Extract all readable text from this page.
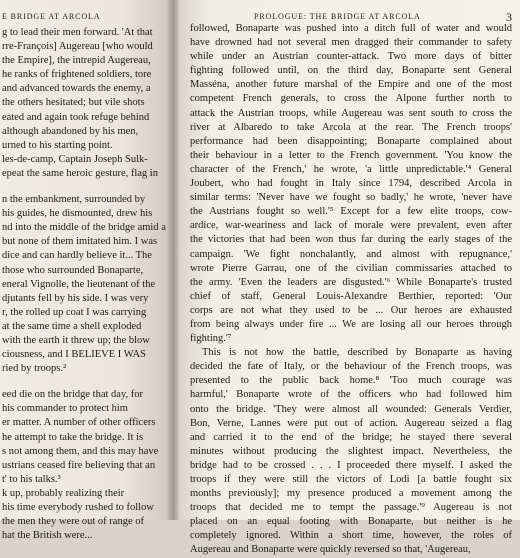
E BRIDGE AT ARCOLA
g to lead their men forward. 'At that
rre-François] Augereau [who would
the Empire], the intrepid Augereau,
he ranks of frightened soldiers, tore
and advanced towards the enemy, a
the others hesitated; but vile shots
eated and again took refuge behind
although abandoned by his men,
urned to his starting point.
les-de-camp, Captain Joseph Sulk-
epeat the same heroic gesture, flag in
n the embankment, surrounded by
his guides, he dismounted, drew his
nd into the middle of the bridge amid a
but none of them imitated him. I was
dice and can hardly believe it... The
those who surrounded Bonaparte,
eneral Vignolle, the lieutenant of the
djutants fell by his side. I was very
r, the rolled up coat I was carrying
at the same time a shell exploded
with the earth it threw up; the blow
ciousness, and I BELIEVE I WAS
ried by troops.²
eed die on the bridge that day, for
his commander to protect him
er matter. A number of other officers
he attempt to take the bridge. It is
s not among them, and this may have
ustrians ceased fire believing that an
t' to his talks.³
k up, probably realizing their
his time everybody rushed to follow
the men they were out of range of
hat the British were...
PROLOGUE: THE BRIDGE AT ARCOLA	3
followed, Bonaparte was pushed into a ditch full of water and would
have drowned had not several men dragged their commander to safety
while under an Austrian counter-attack. Two more days of bitter
fighting followed until, on the third day, Bonaparte sent General
Masséna, another future marshal of the Empire and one of the most
competent French generals, to cross the Alpone further north to
attack the Austrian troops, while Augereau was sent south to cross the
river at Albaredo to take Arcola at the rear. The French troops'
performance had been disappointing; Bonaparte complained about
their behaviour in a letter to the French government. 'You know the
character of the French,' he wrote, 'a little unpredictable.'⁴ General
Joubert, who had fought in Italy since 1794, described Arcola in
similar terms: 'Never have we fought so badly,' he wrote, 'never have
the Austrians fought so well.'⁵ Except for a few elite troops, cow-
ardice, war-weariness and lack of morale were prevalent, even after
the victories that had been won thus far during the early stages of the
campaign. 'We fight nonchalantly, and almost with repugnance,'
wrote Pierre Garrau, one of the civilian commissaries attached to
the army. 'Even the leaders are disgusted.'⁶ While Bonaparte's trusted
chief of staff, General Louis-Alexandre Berthier, reported: 'Our
corps are not what they used to be ... Our heroes are exhausted
from being always under fire ... We are losing all our heroes through
fighting.'⁷
This is not how the battle, described by Bonaparte as having
decided the fate of Italy, or the behaviour of the French troops, was
presented to the public back home.⁸ 'Too much courage was
harmful,' Bonaparte wrote of the officers who had followed him
onto the bridge. 'They were almost all wounded: Generals Verdier,
Bon, Verne, Lannes were put out of action. Augereau seized a flag
and carried it to the end of the bridge; he stayed there several
minutes without producing the slightest impact. Nevertheless, the
bridge had to be crossed . . . I proceeded there myself. I asked the
troops if they were still the victors of Lodi [a battle fought six
months previously]; my presence produced a movement among the
troops that decided me to tempt the passage.'⁹ Augereau is not
placed on an equal footing with Bonaparte, but neither is he
completely ignored. Within a short time, however, the roles of
Augereau and Bonaparte were quickly reversed so that, 'Augereau,
